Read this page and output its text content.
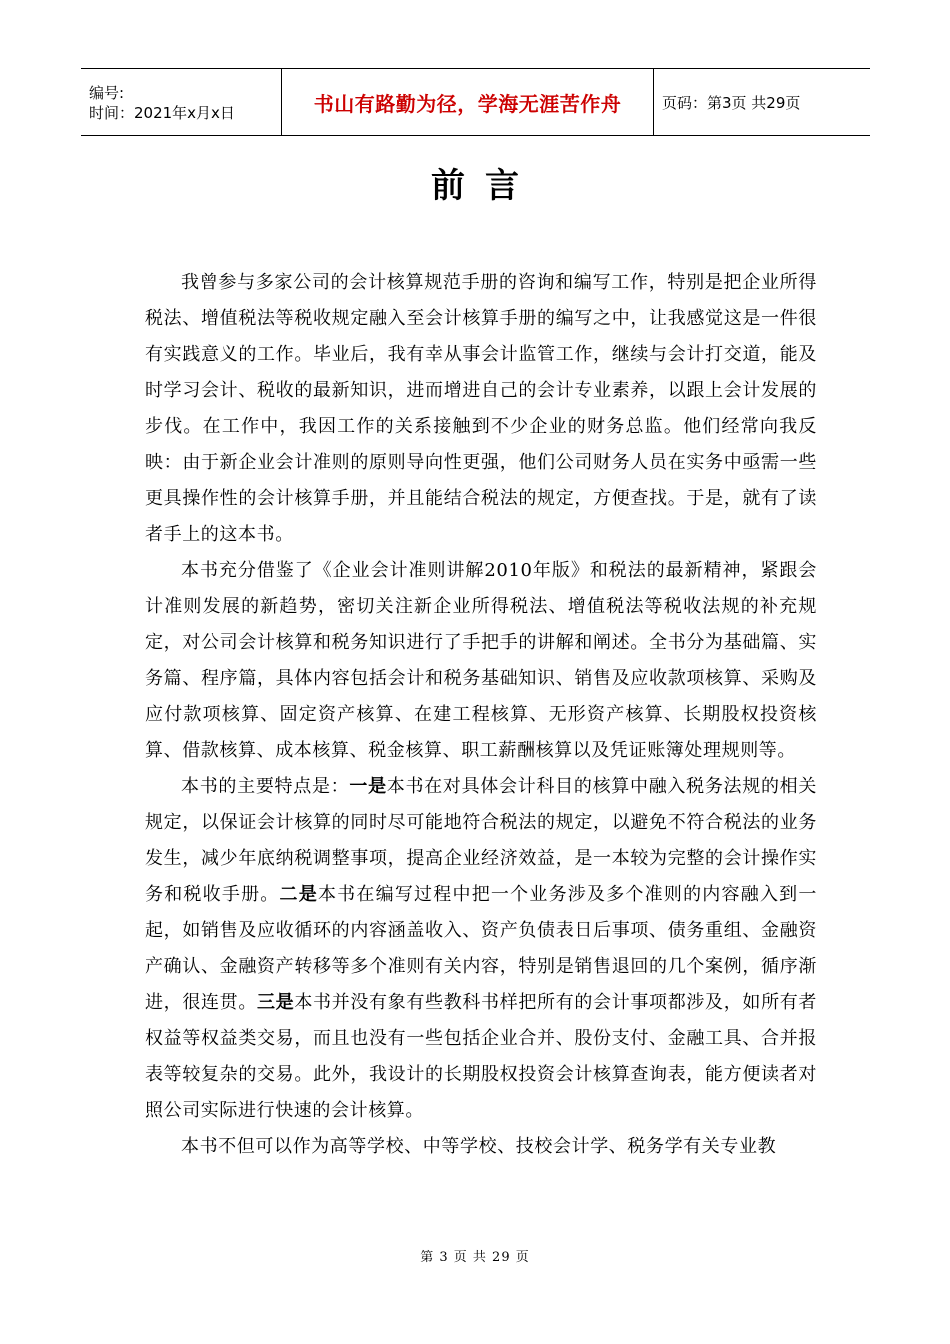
编号:
时间：2021年x月x日	书山有路勤为径，学海无涯苦作舟	页码：第3页 共29页
前言

我曾参与多家公司的会计核算规范手册的咨询和编写工作，特别是把企业所得税法、增值税法等税收规定融入至会计核算手册的编写之中，让我感觉这是一件很有实践意义的工作。毕业后，我有幸从事会计监管工作，继续与会计打交道，能及时学习会计、税收的最新知识，进而增进自己的会计专业素养，以跟上会计发展的步伐。在工作中，我因工作的关系接触到不少企业的财务总监。他们经常向我反映：由于新企业会计准则的原则导向性更强，他们公司财务人员在实务中亟需一些更具操作性的会计核算手册，并且能结合税法的规定，方便查找。于是，就有了读者手上的这本书。

本书充分借鉴了《企业会计准则讲解2010年版》和税法的最新精神，紧跟会计准则发展的新趋势，密切关注新企业所得税法、增值税法等税收法规的补充规定，对公司会计核算和税务知识进行了手把手的讲解和阐述。全书分为基础篇、实务篇、程序篇，具体内容包括会计和税务基础知识、销售及应收款项核算、采购及应付款项核算、固定资产核算、在建工程核算、无形资产核算、长期股权投资核算、借款核算、成本核算、税金核算、职工薪酬核算以及凭证账簿处理规则等。

本书的主要特点是：一是本书在对具体会计科目的核算中融入税务法规的相关规定，以保证会计核算的同时尽可能地符合税法的规定，以避免不符合税法的业务发生，减少年底纳税调整事项，提高企业经济效益，是一本较为完整的会计操作实务和税收手册。二是本书在编写过程中把一个业务涉及多个准则的内容融入到一起，如销售及应收循环的内容涵盖收入、资产负债表日后事项、债务重组、金融资产确认、金融资产转移等多个准则有关内容，特别是销售退回的几个案例，循序渐进，很连贯。三是本书并没有象有些教科书样把所有的会计事项都涉及，如所有者权益等权益类交易，而且也没有一些包括企业合并、股份支付、金融工具、合并报表等较复杂的交易。此外，我设计的长期股权投资会计核算查询表，能方便读者对照公司实际进行快速的会计核算。

本书不但可以作为高等学校、中等学校、技校会计学、税务学有关专业教

第 3 页 共 29 页
